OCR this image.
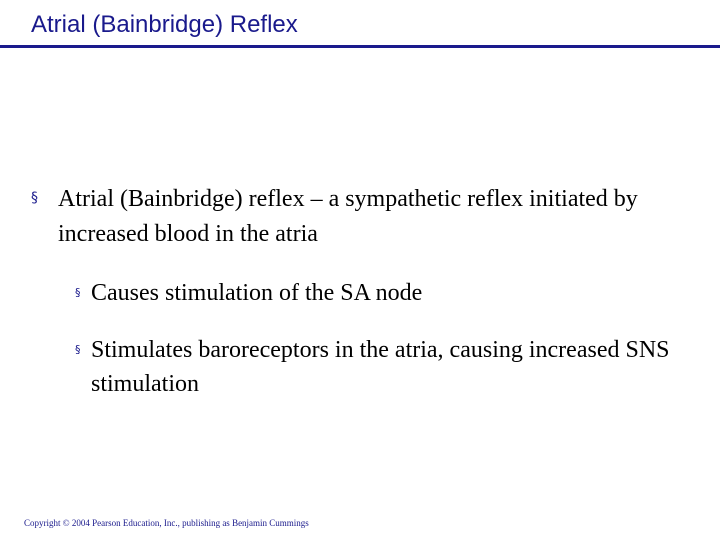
Atrial (Bainbridge) Reflex
§ Atrial (Bainbridge) reflex – a sympathetic reflex initiated by increased blood in the atria
§ Causes stimulation of the SA node
§ Stimulates baroreceptors in the atria, causing increased SNS stimulation
Copyright © 2004 Pearson Education, Inc., publishing as Benjamin Cummings
